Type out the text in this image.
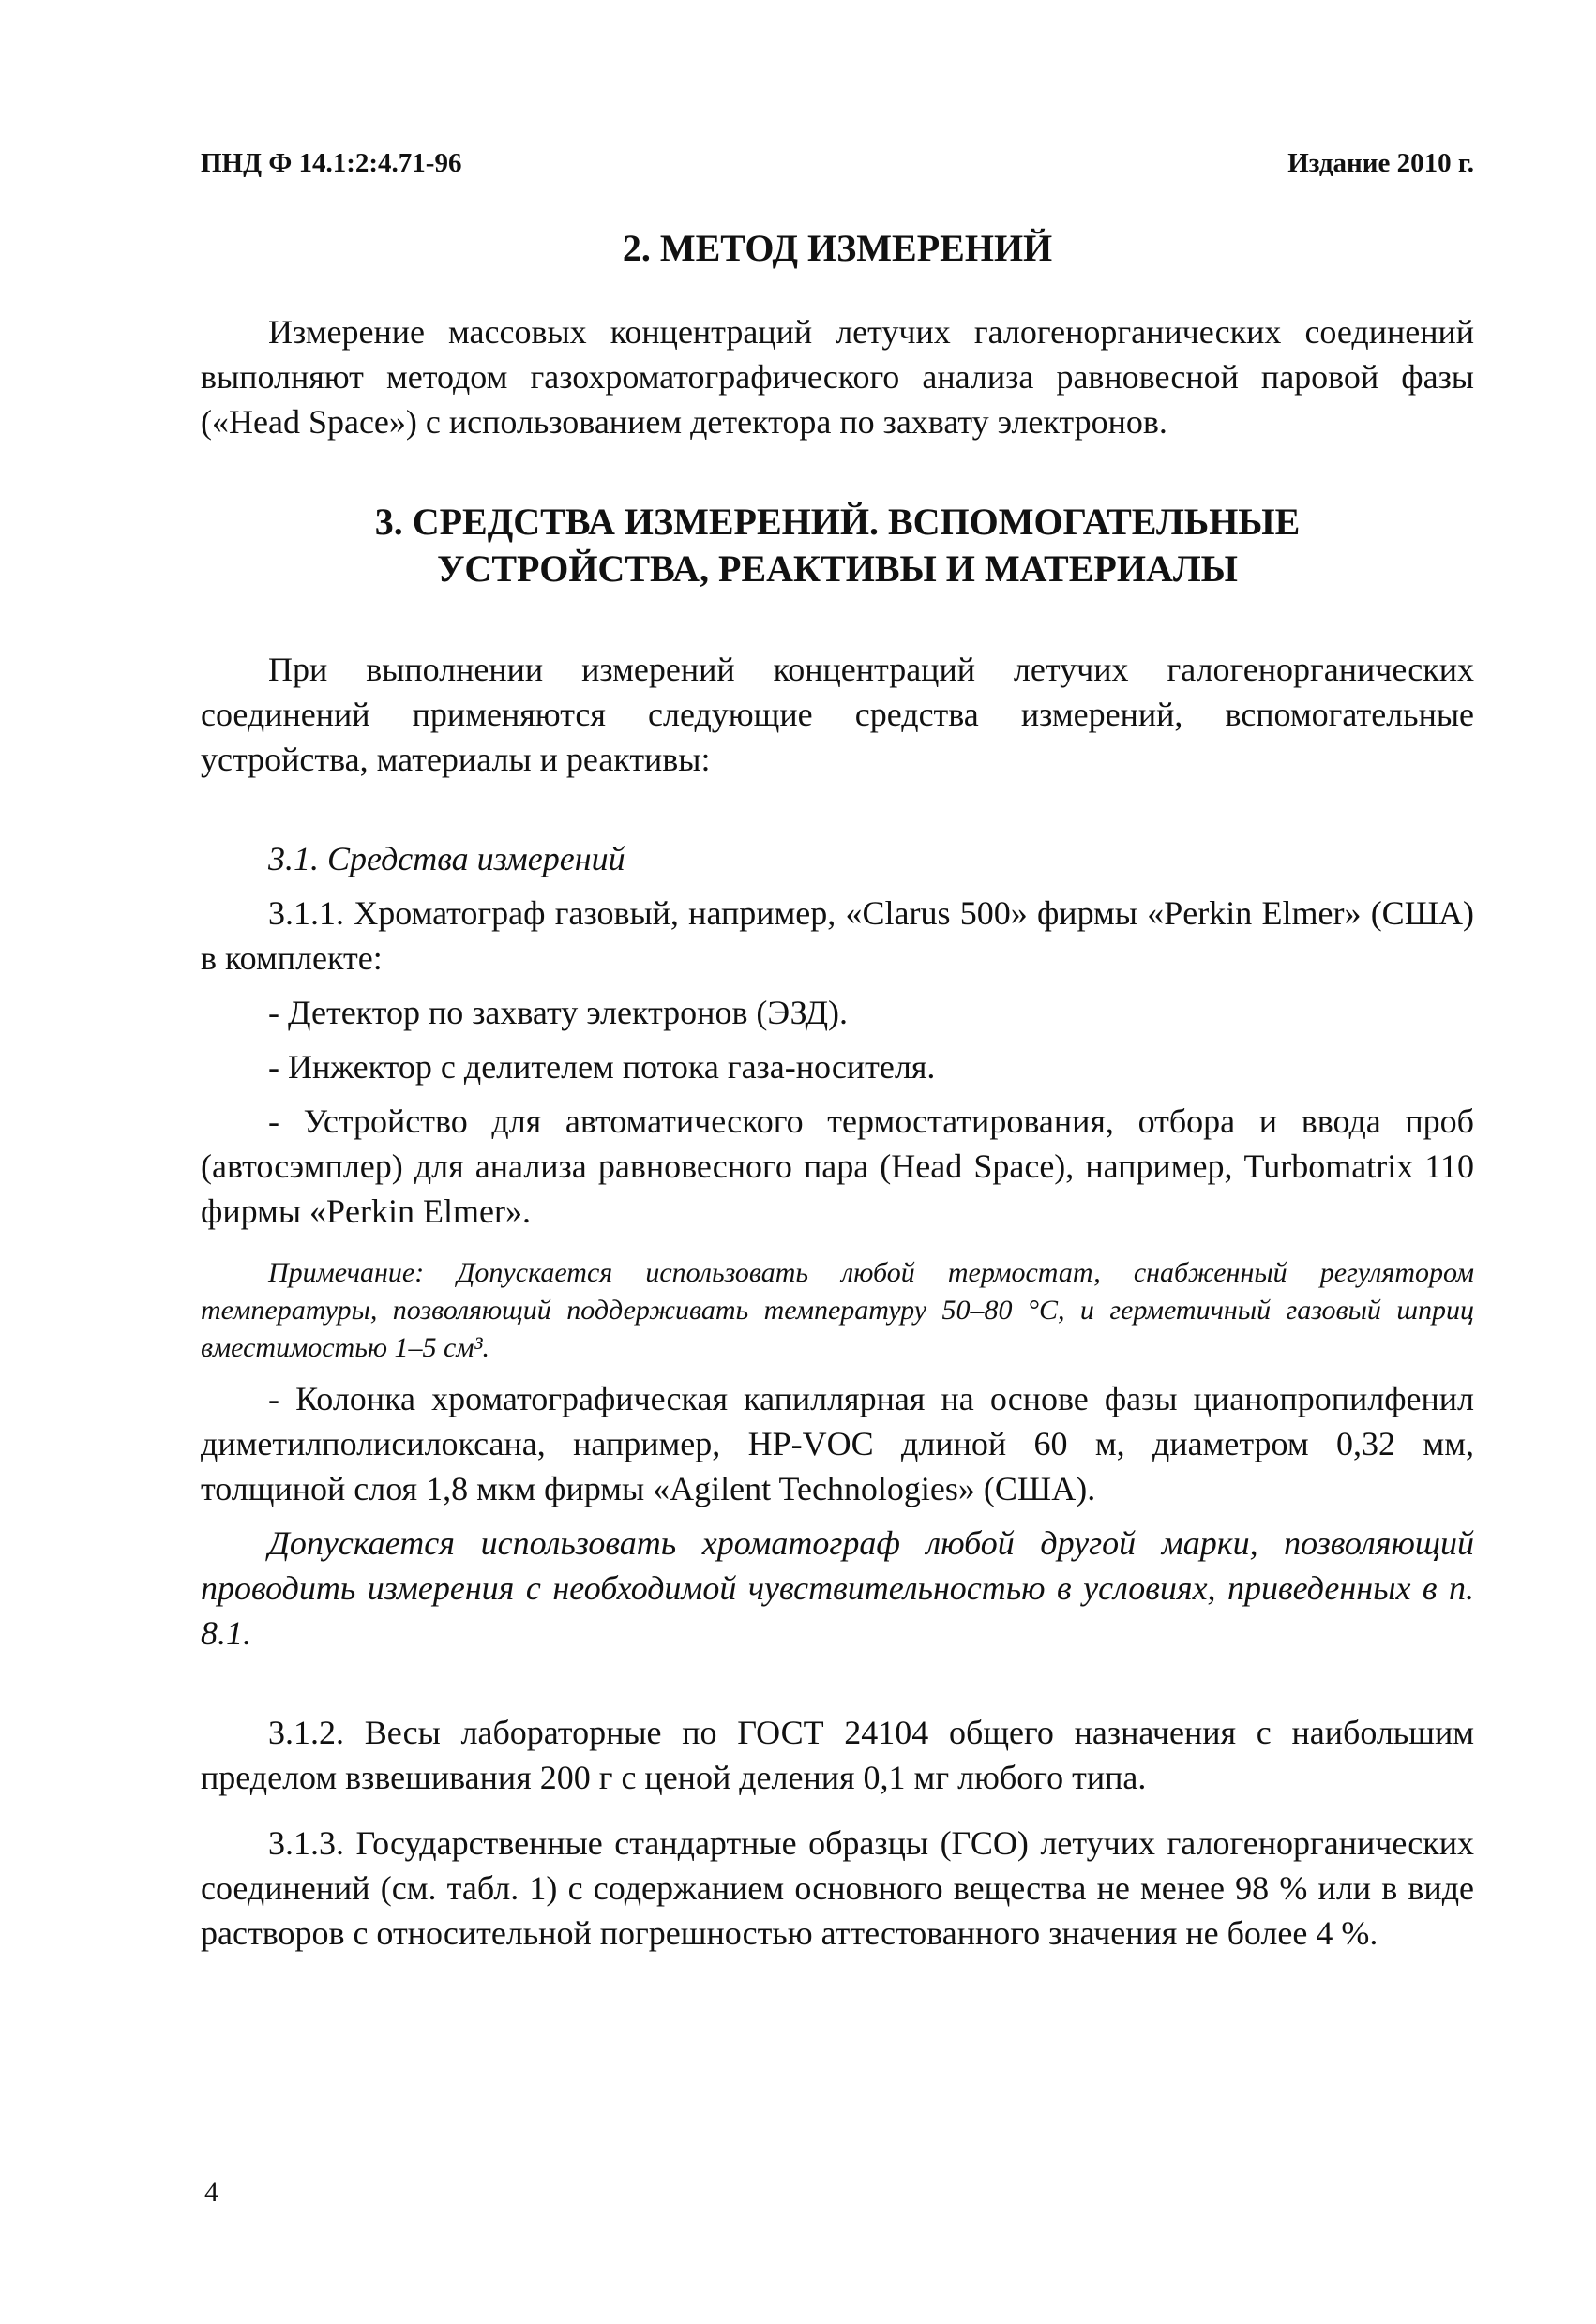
ПНД Ф 14.1:2:4.71-96	Издание 2010 г.
2. МЕТОД ИЗМЕРЕНИЙ

Измерение массовых концентраций летучих галогенорганических соединений выполняют методом газохроматографического анализа равновесной паровой фазы («Head Space») с использованием детектора по захвату электронов.

3. СРЕДСТВА ИЗМЕРЕНИЙ. ВСПОМОГАТЕЛЬНЫЕ
УСТРОЙСТВА, РЕАКТИВЫ И МАТЕРИАЛЫ

При выполнении измерений концентраций летучих галогенорганических соединений применяются следующие средства измерений, вспомогательные устройства, материалы и реактивы:

3.1. Средства измерений

3.1.1. Хроматограф газовый, например, «Clarus 500» фирмы «Perkin Elmer» (США) в комплекте:

- Детектор по захвату электронов (ЭЗД).

- Инжектор с делителем потока газа-носителя.

- Устройство для автоматического термостатирования, отбора и ввода проб (автосэмплер) для анализа равновесного пара (Head Space), например, Turbomatrix 110 фирмы «Perkin Elmer».

Примечание: Допускается использовать любой термостат, снабженный регулятором температуры, позволяющий поддерживать температуру 50–80 °С, и герметичный газовый шприц вместимостью 1–5 см³.

- Колонка хроматографическая капиллярная на основе фазы цианопропилфенил диметилполисилоксана, например, HP-VOC длиной 60 м, диаметром 0,32 мм, толщиной слоя 1,8 мкм фирмы «Agilent Technologies» (США).

Допускается использовать хроматограф любой другой марки, позволяющий проводить измерения с необходимой чувствительностью в условиях, приведенных в п. 8.1.

3.1.2. Весы лабораторные по ГОСТ 24104 общего назначения с наибольшим пределом взвешивания 200 г с ценой деления 0,1 мг любого типа.

3.1.3. Государственные стандартные образцы (ГСО) летучих галогенорганических соединений (см. табл. 1) с содержанием основного вещества не менее 98 % или в виде растворов с относительной погрешностью аттестованного значения не более 4 %.

4
